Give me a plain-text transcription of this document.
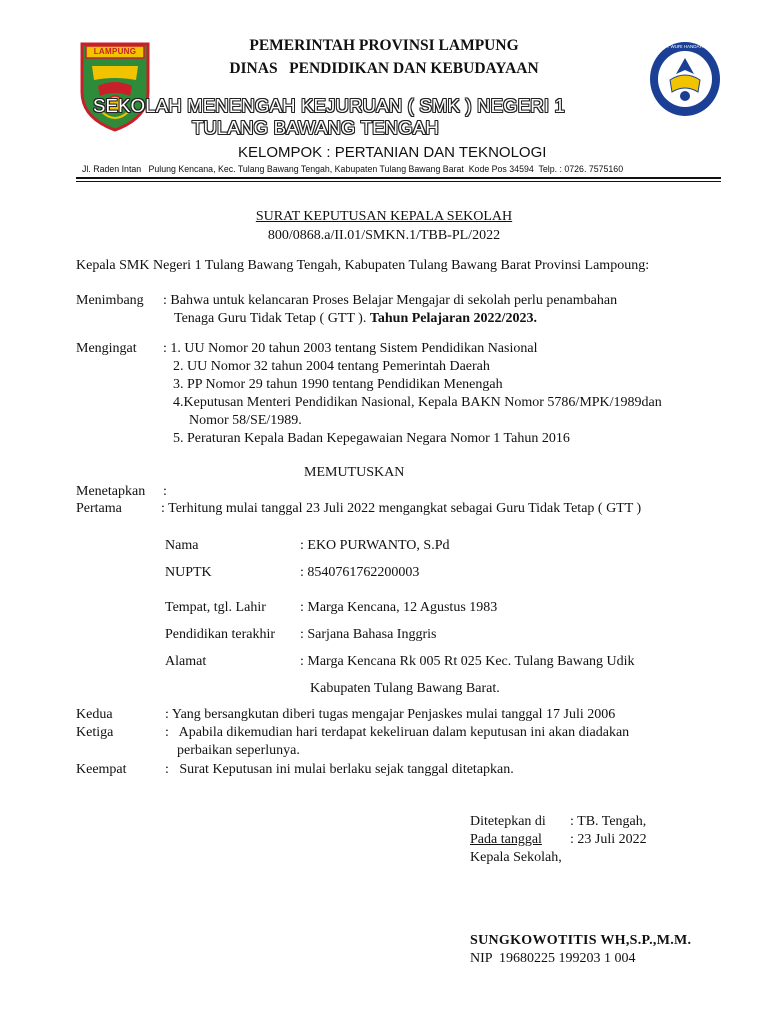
LAMPUNG
TUT WURI HANDAYANI
PEMERINTAH PROVINSI LAMPUNG
DINAS   PENDIDIKAN DAN KEBUDAYAAN
SEKOLAH MENENGAH KEJURUAN ( SMK ) NEGERI 1
TULANG BAWANG TENGAH
KELOMPOK : PERTANIAN DAN TEKNOLOGI
Jl. Raden Intan   Pulung Kencana, Kec. Tulang Bawang Tengah, Kabupaten Tulang Bawang Barat  Kode Pos 34594  Telp. : 0726. 7575160
SURAT KEPUTUSAN KEPALA SEKOLAH
800/0868.a/II.01/SMKN.1/TBB-PL/2022
Kepala SMK Negeri 1 Tulang Bawang Tengah, Kabupaten Tulang Bawang Barat Provinsi Lampoung:
Menimbang : Bahwa untuk kelancaran Proses Belajar Mengajar di sekolah perlu penambahan
Tenaga Guru Tidak Tetap ( GTT ). Tahun Pelajaran 2022/2023.
Mengingat : 1. UU Nomor 20 tahun 2003 tentang Sistem Pendidikan Nasional
2. UU Nomor 32 tahun 2004 tentang Pemerintah Daerah
3. PP Nomor 29 tahun 1990 tentang Pendidikan Menengah
4.Keputusan Menteri Pendidikan Nasional, Kepala BAKN Nomor 5786/MPK/1989dan
Nomor 58/SE/1989.
5. Peraturan Kepala Badan Kepegawaian Negara Nomor 1 Tahun 2016
MEMUTUSKAN
Menetapkan :
Pertama	: Terhitung mulai tanggal 23 Juli 2022 mengangkat sebagai Guru Tidak Tetap ( GTT )
Nama	: EKO PURWANTO, S.Pd
NUPTK	: 8540761762200003
Tempat, tgl. Lahir : Marga Kencana, 12 Agustus 1983
Pendidikan terakhir : Sarjana Bahasa Inggris
Alamat	: Marga Kencana Rk 005 Rt 025 Kec. Tulang Bawang Udik
Kabupaten Tulang Bawang Barat.
Kedua	: Yang bersangkutan diberi tugas mengajar Penjaskes mulai tanggal 17 Juli 2006
Ketiga	:   Apabila dikemudian hari terdapat kekeliruan dalam keputusan ini akan diadakan
perbaikan seperlunya.
Keempat	:   Surat Keputusan ini mulai berlaku sejak tanggal ditetapkan.
Ditetepkan di : TB. Tengah,
Pada tanggal	: 23 Juli 2022
Kepala Sekolah,
SUNGKOWOTITIS WH,S.P.,M.M.
NIP  19680225 199203 1 004
